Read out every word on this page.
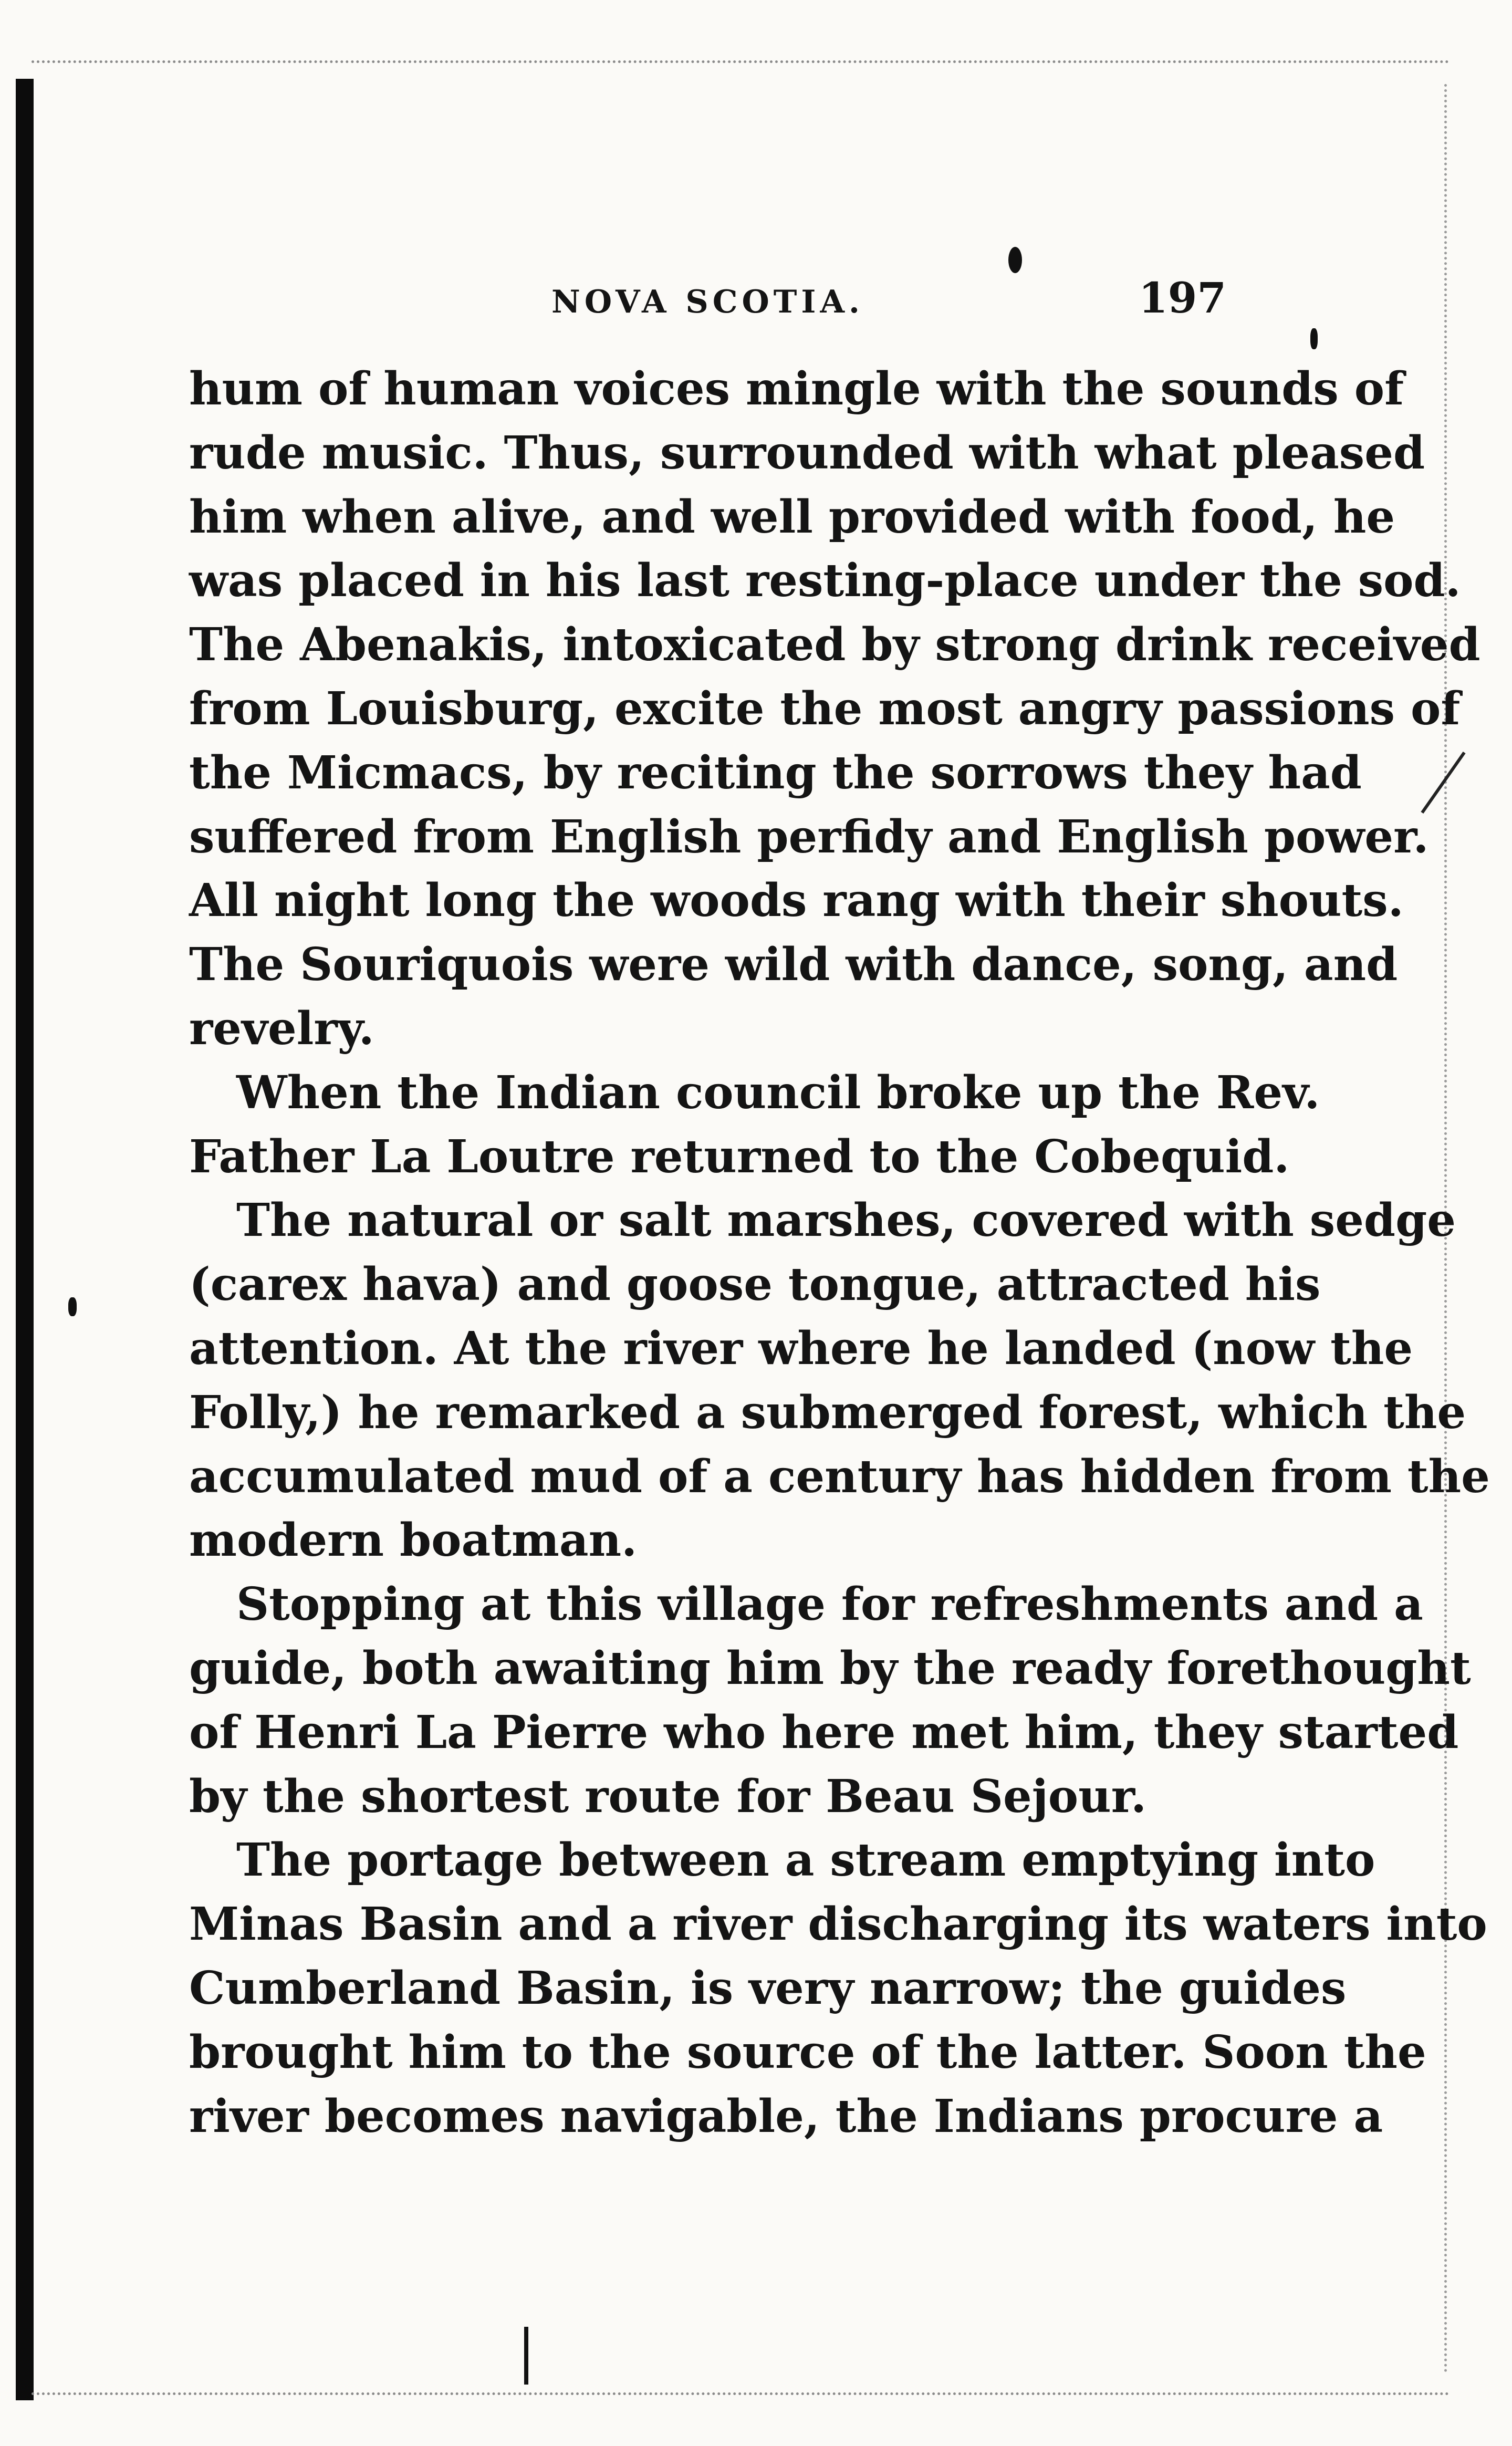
NOVA SCOTIA.	197
hum of human voices mingle with the sounds of
rude music. Thus, surrounded with what pleased
him when alive, and well provided with food, he
was placed in his last resting-place under the sod.
The Abenakis, intoxicated by strong drink received
from Louisburg, excite the most angry passions of
the Micmacs, by reciting the sorrows they had
suffered from English perfidy and English power.
All night long the woods rang with their shouts.
The Souriquois were wild with dance, song, and
revelry.
When the Indian council broke up the Rev.
Father La Loutre returned to the Cobequid.
The natural or salt marshes, covered with sedge
(carex hava) and goose tongue, attracted his
attention. At the river where he landed (now the
Folly,) he remarked a submerged forest, which the
accumulated mud of a century has hidden from the
modern boatman.
Stopping at this village for refreshments and a
guide, both awaiting him by the ready forethought
of Henri La Pierre who here met him, they started
by the shortest route for Beau Sejour.
The portage between a stream emptying into
Minas Basin and a river discharging its waters into
Cumberland Basin, is very narrow; the guides
brought him to the source of the latter. Soon the
river becomes navigable, the Indians procure a
